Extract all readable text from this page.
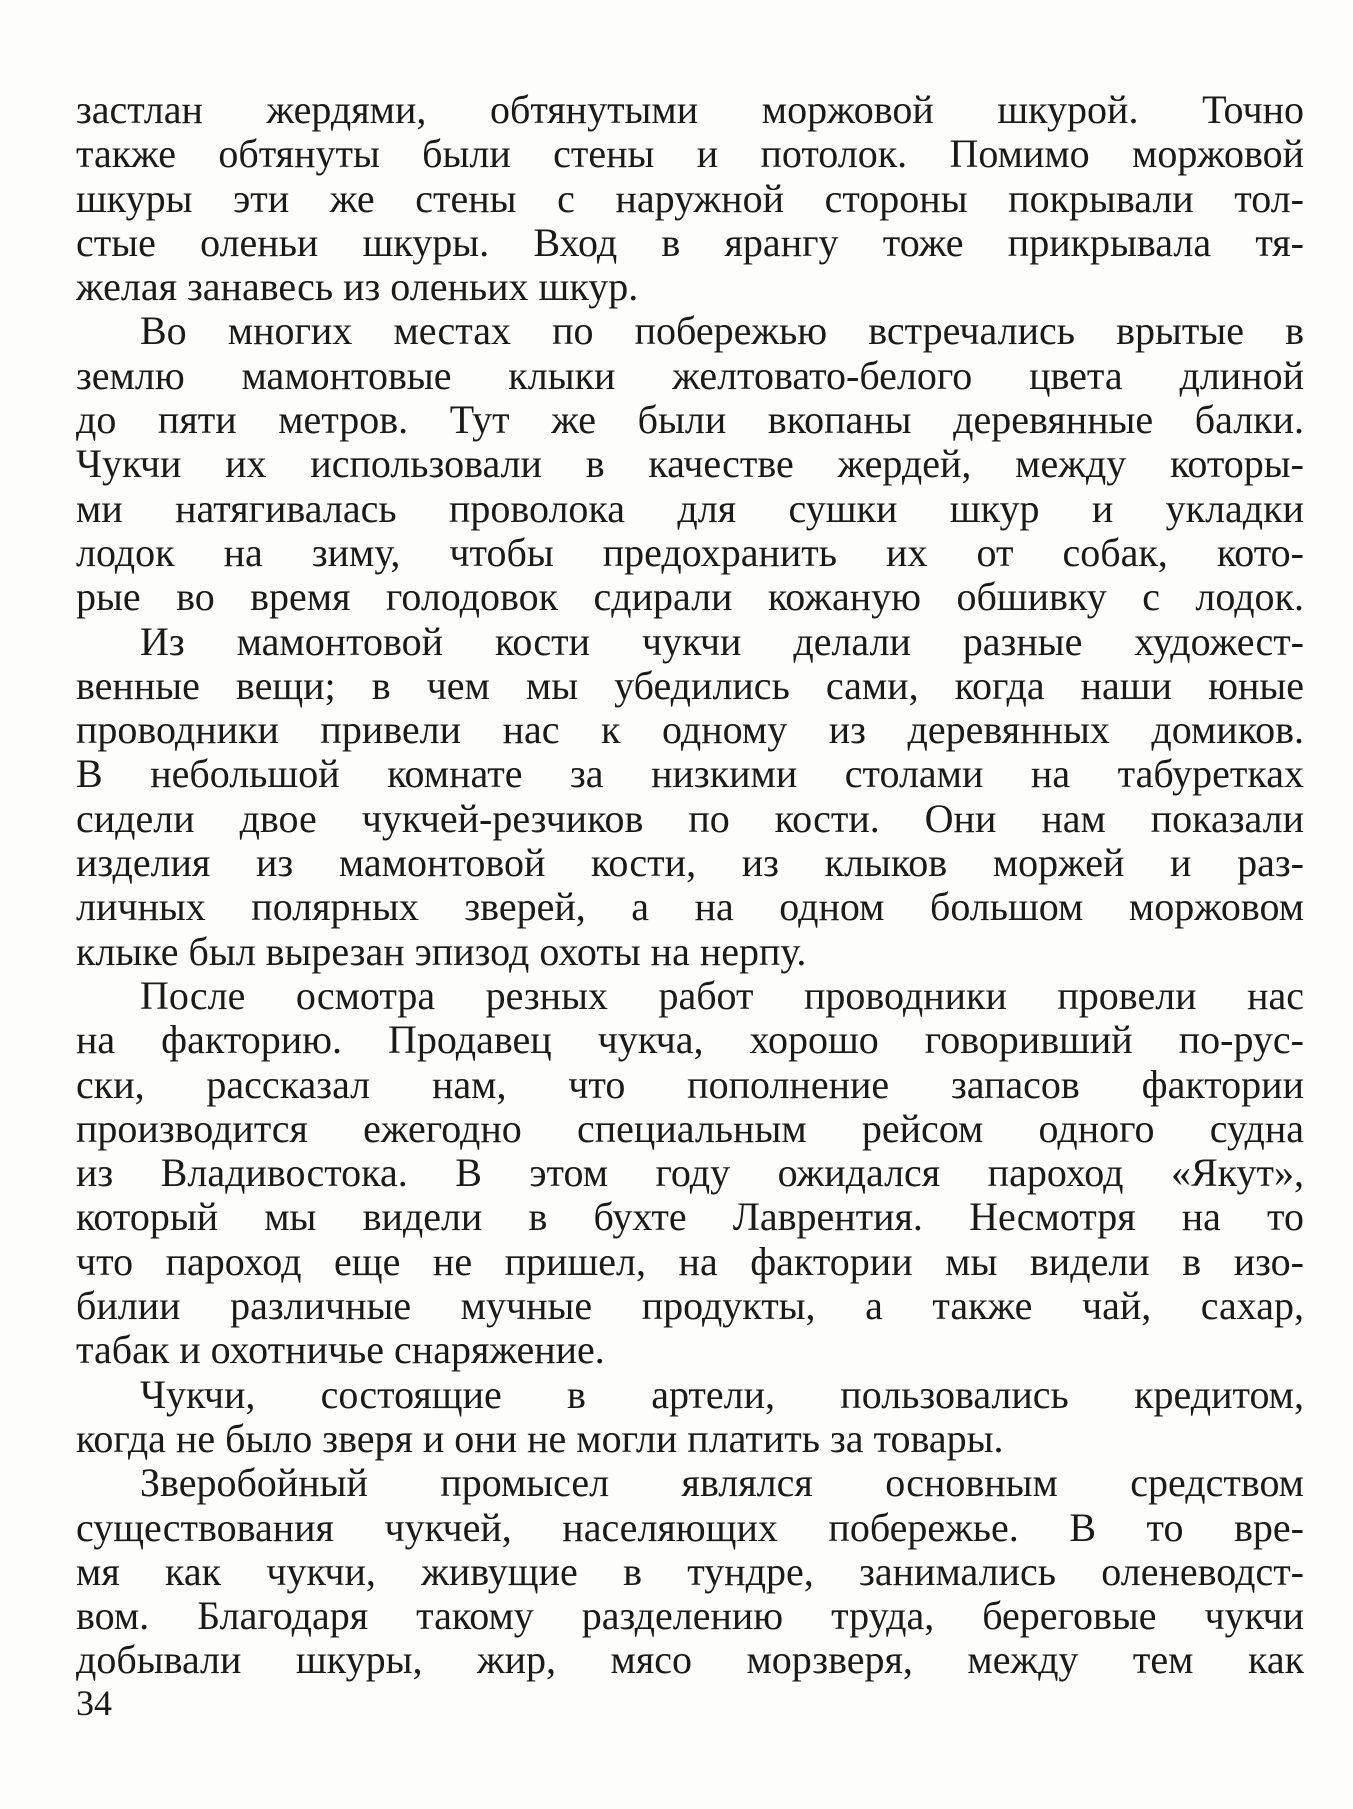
застлан жердями, обтянутыми моржовой шкурой. Точно
также обтянуты были стены и потолок. Помимо моржовой
шкуры эти же стены с наружной стороны покрывали тол-
стые оленьи шкуры. Вход в ярангу тоже прикрывала тя-
желая занавесь из оленьих шкур.
Во многих местах по побережью встречались врытые в
землю мамонтовые клыки желтовато-белого цвета длиной
до пяти метров. Тут же были вкопаны деревянные балки.
Чукчи их использовали в качестве жердей, между которы-
ми натягивалась проволока для сушки шкур и укладки
лодок на зиму, чтобы предохранить их от собак, кото-
рые во время голодовок сдирали кожаную обшивку с лодок.
Из мамонтовой кости чукчи делали разные художест-
венные вещи; в чем мы убедились сами, когда наши юные
проводники привели нас к одному из деревянных домиков.
В небольшой комнате за низкими столами на табуретках
сидели двое чукчей-резчиков по кости. Они нам показали
изделия из мамонтовой кости, из клыков моржей и раз-
личных полярных зверей, а на одном большом моржовом
клыке был вырезан эпизод охоты на нерпу.
После осмотра резных работ проводники провели нас
на факторию. Продавец чукча, хорошо говоривший по-рус-
ски, рассказал нам, что пополнение запасов фактории
производится ежегодно специальным рейсом одного судна
из Владивостока. В этом году ожидался пароход «Якут»,
который мы видели в бухте Лаврентия. Несмотря на то
что пароход еще не пришел, на фактории мы видели в изо-
билии различные мучные продукты, а также чай, сахар,
табак и охотничье снаряжение.
Чукчи, состоящие в артели, пользовались кредитом,
когда не было зверя и они не могли платить за товары.
Зверобойный промысел являлся основным средством
существования чукчей, населяющих побережье. В то вре-
мя как чукчи, живущие в тундре, занимались оленеводст-
вом. Благодаря такому разделению труда, береговые чукчи
добывали шкуры, жир, мясо морзверя, между тем как
34
